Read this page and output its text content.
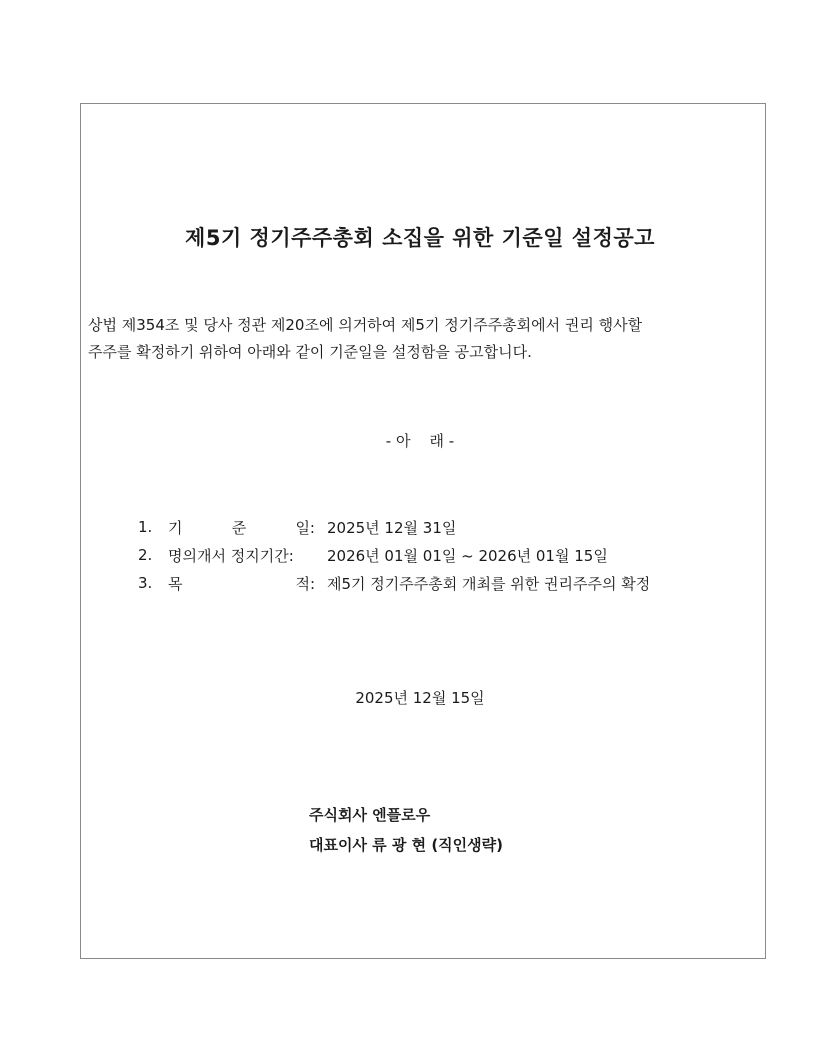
제5기 정기주주총회 소집을 위한 기준일 설정공고

상법 제354조 및 당사 정관 제20조에 의거하여 제5기 정기주주총회에서 권리 행사할
주주를 확정하기 위하여 아래와 같이 기준일을 설정함을 공고합니다.

- 아    래 -

1.	기	준	일: 2025년 12월 31일
2.	명의개서 정지기간:	2026년 01월 01일 ~ 2026년 01월 15일
3.	목	적: 제5기 정기주주총회 개최를 위한 권리주주의 확정

2025년 12월 15일

주식회사 엔플로우
대표이사 류 광 현 (직인생략)
